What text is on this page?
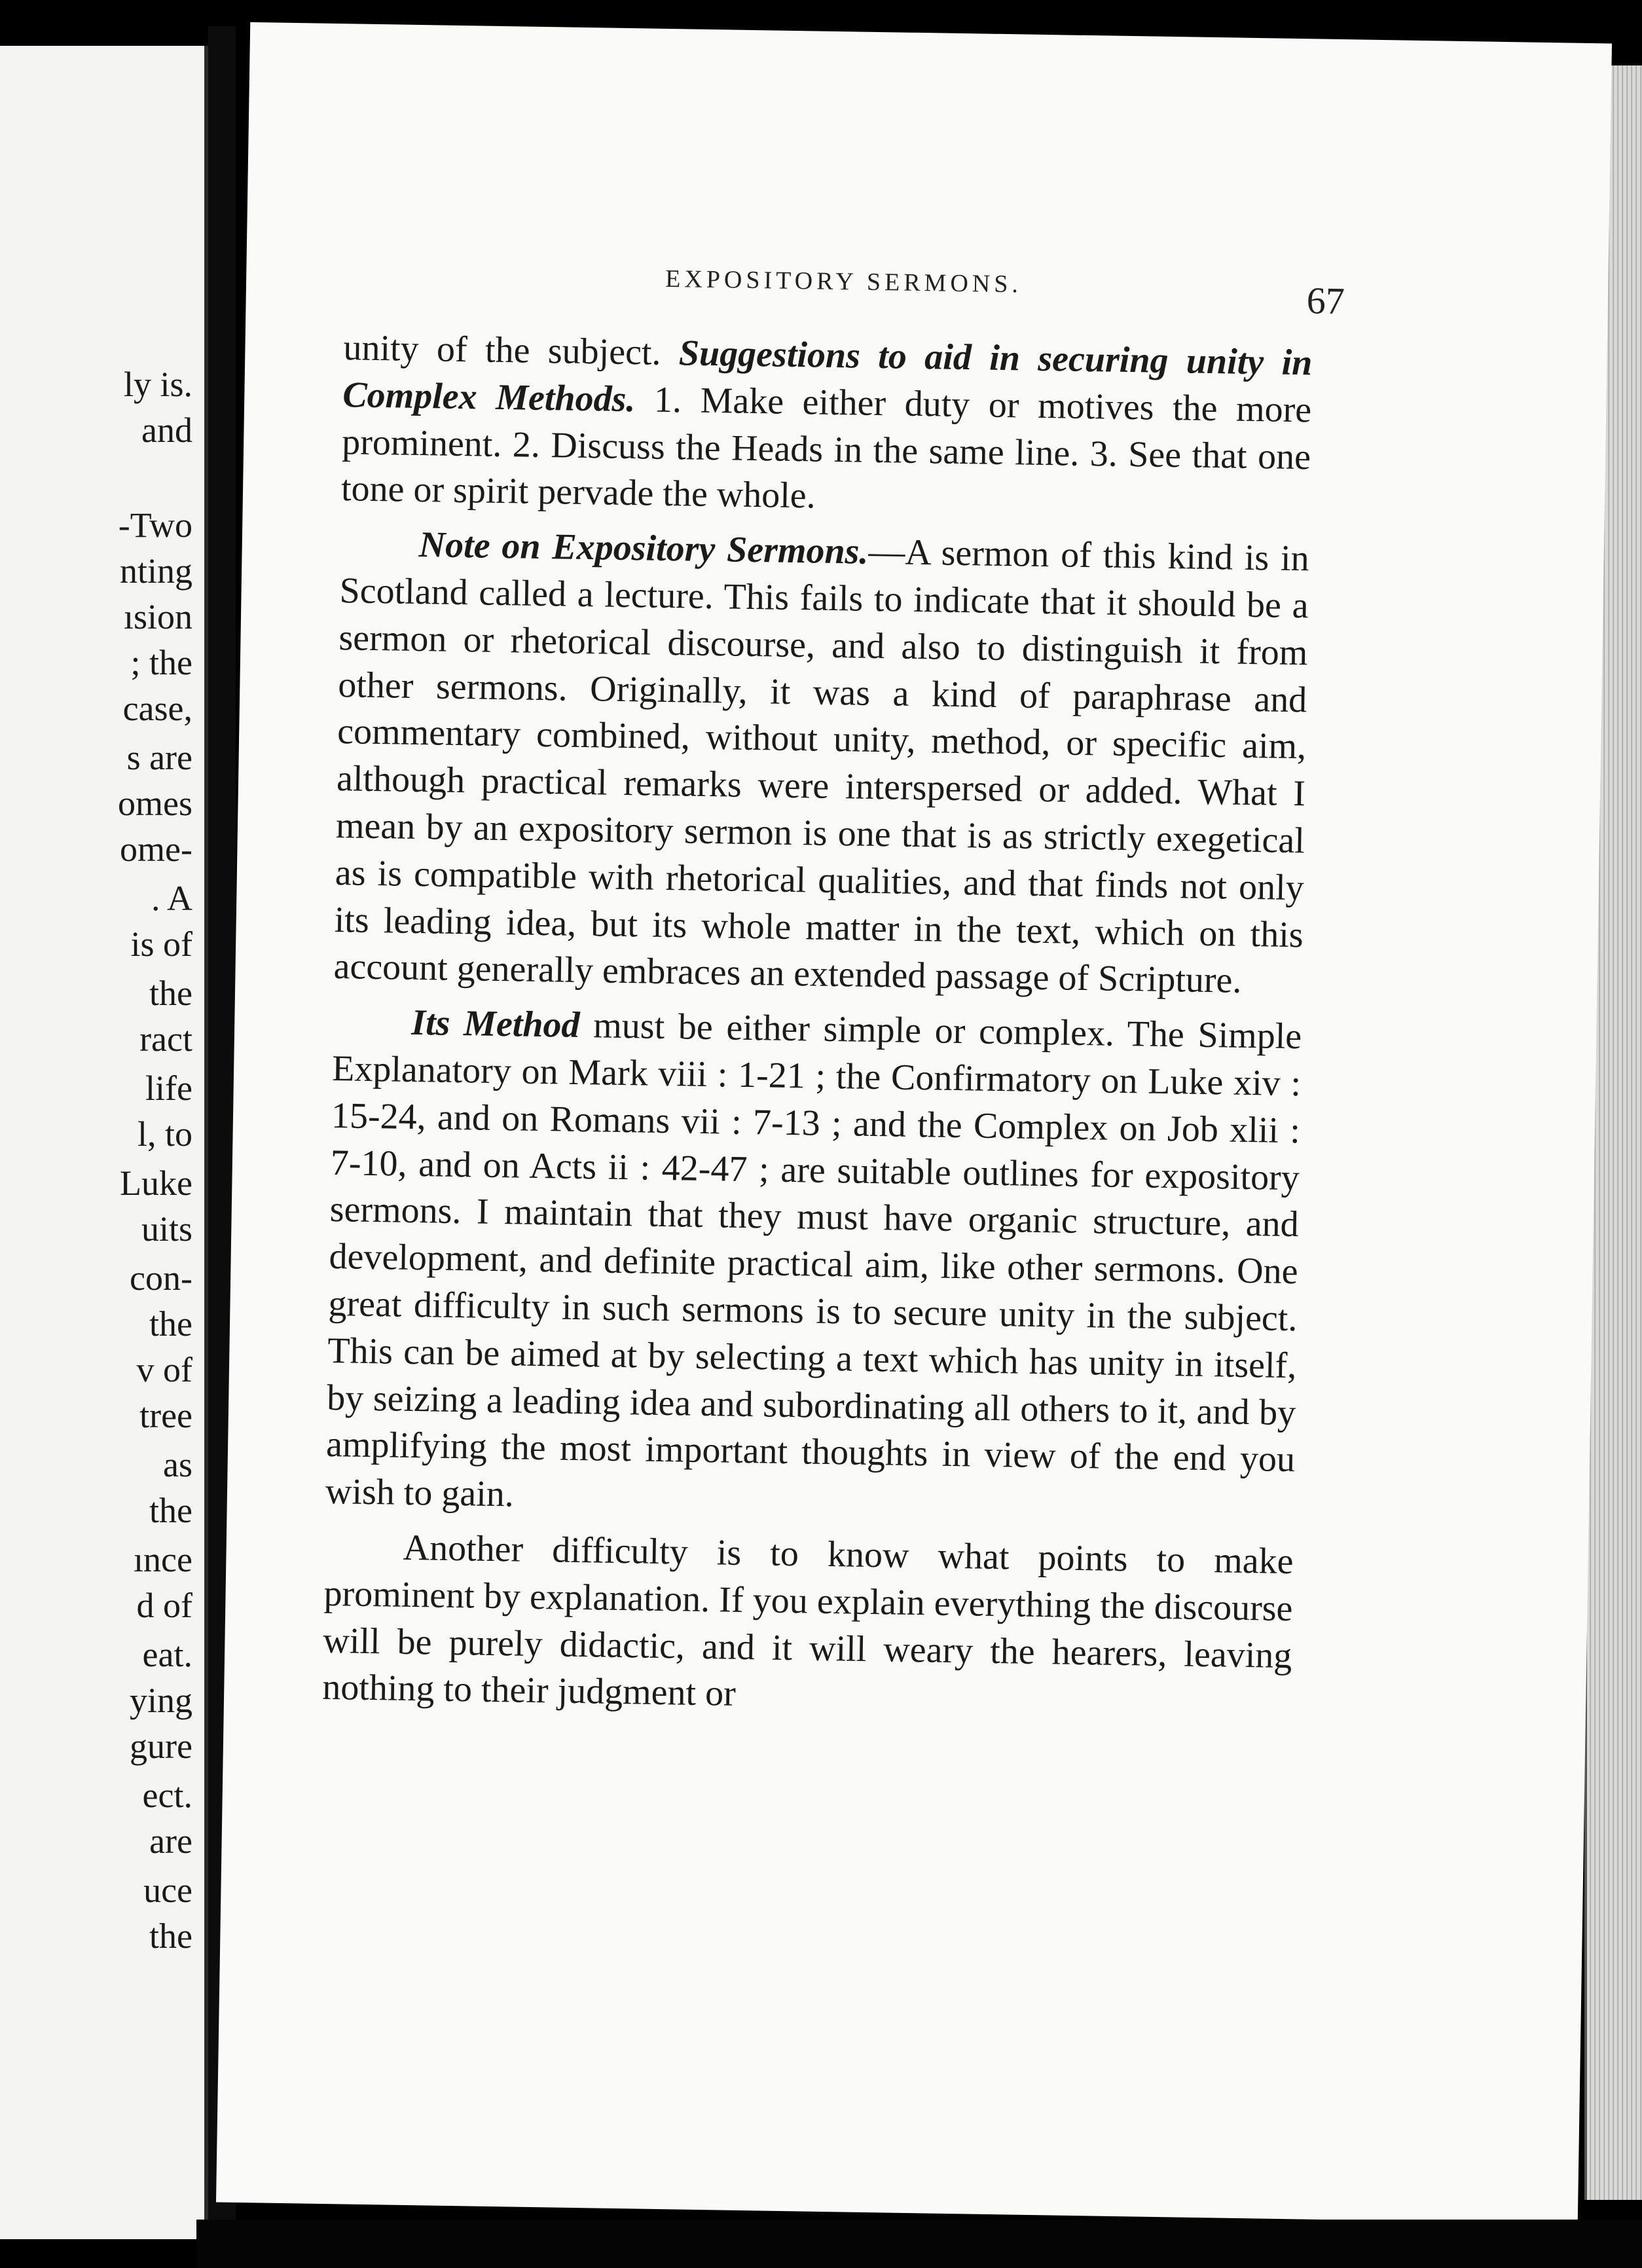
ly is.
and
-Two
nting
ısion
; the
case,
s are
omes
ome-
. A
is of
the
ract
life
l, to
Luke
uits
con-
the
v of
tree
as
the
ınce
d of
eat.
ying
gure
ect.
are
uce
the
EXPOSITORY SERMONS.	67

unity of the subject. Suggestions to aid in securing unity in Complex Methods. 1. Make either duty or motives the more prominent. 2. Discuss the Heads in the same line. 3. See that one tone or spirit pervade the whole.

Note on Expository Sermons.—A sermon of this kind is in Scotland called a lecture. This fails to indicate that it should be a sermon or rhetorical discourse, and also to distinguish it from other sermons. Originally, it was a kind of paraphrase and commentary combined, without unity, method, or specific aim, although practical remarks were interspersed or added. What I mean by an expository sermon is one that is as strictly exegetical as is compatible with rhetorical qualities, and that finds not only its leading idea, but its whole matter in the text, which on this account generally embraces an extended passage of Scripture.

Its Method must be either simple or complex. The Simple Explanatory on Mark viii : 1-21 ; the Confirmatory on Luke xiv : 15-24, and on Romans vii : 7-13 ; and the Complex on Job xlii : 7-10, and on Acts ii : 42-47 ; are suitable outlines for expository sermons. I maintain that they must have organic structure, and development, and definite practical aim, like other sermons. One great difficulty in such sermons is to secure unity in the subject. This can be aimed at by selecting a text which has unity in itself, by seizing a leading idea and subordinating all others to it, and by amplifying the most important thoughts in view of the end you wish to gain.

Another difficulty is to know what points to make prominent by explanation. If you explain everything the discourse will be purely didactic, and it will weary the hearers, leaving nothing to their judgment or
